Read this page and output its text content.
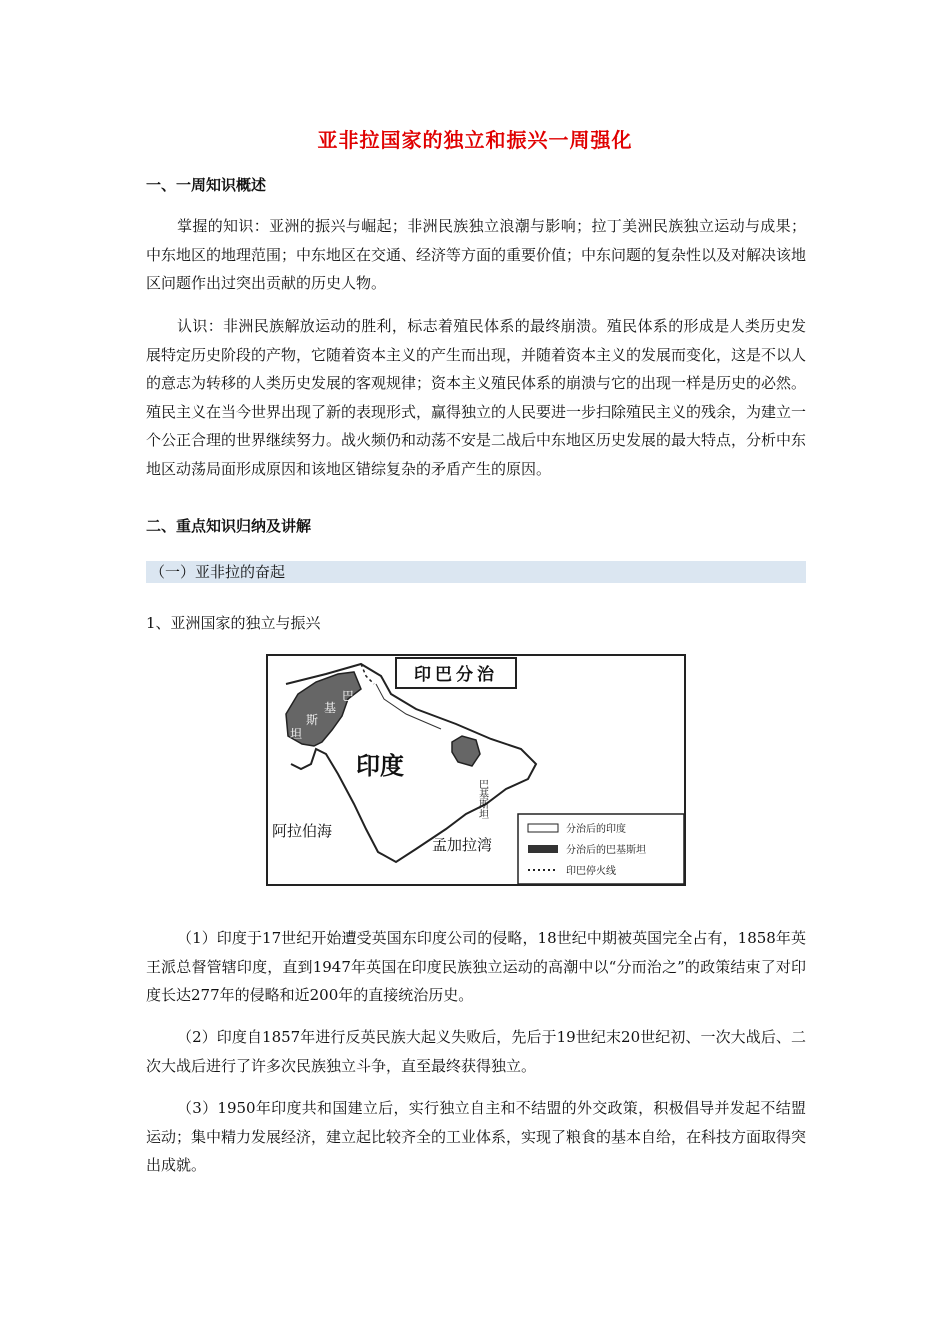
亚非拉国家的独立和振兴一周强化
一、一周知识概述

掌握的知识：亚洲的振兴与崛起；非洲民族独立浪潮与影响；拉丁美洲民族独立运动与成果；中东地区的地理范围；中东地区在交通、经济等方面的重要价值；中东问题的复杂性以及对解决该地区问题作出过突出贡献的历史人物。

认识：非洲民族解放运动的胜利，标志着殖民体系的最终崩溃。殖民体系的形成是人类历史发展特定历史阶段的产物，它随着资本主义的产生而出现，并随着资本主义的发展而变化，这是不以人的意志为转移的人类历史发展的客观规律；资本主义殖民体系的崩溃与它的出现一样是历史的必然。殖民主义在当今世界出现了新的表现形式，赢得独立的人民要进一步扫除殖民主义的残余，为建立一个公正合理的世界继续努力。战火频仍和动荡不安是二战后中东地区历史发展的最大特点，分析中东地区动荡局面形成原因和该地区错综复杂的矛盾产生的原因。

二、重点知识归纳及讲解
（一）亚非拉的奋起
1、亚洲国家的独立与振兴
印巴分治
印度
巴
基
斯
坦
巴基斯坦
阿拉伯海
孟加拉湾
分治后的印度
分治后的巴基斯坦
印巴停火线

（1）印度于17世纪开始遭受英国东印度公司的侵略，18世纪中期被英国完全占有，1858年英王派总督管辖印度，直到1947年英国在印度民族独立运动的高潮中以“分而治之”的政策结束了对印度长达277年的侵略和近200年的直接统治历史。

（2）印度自1857年进行反英民族大起义失败后，先后于19世纪末20世纪初、一次大战后、二次大战后进行了许多次民族独立斗争，直至最终获得独立。

（3）1950年印度共和国建立后，实行独立自主和不结盟的外交政策，积极倡导并发起不结盟运动；集中精力发展经济，建立起比较齐全的工业体系，实现了粮食的基本自给，在科技方面取得突出成就。
